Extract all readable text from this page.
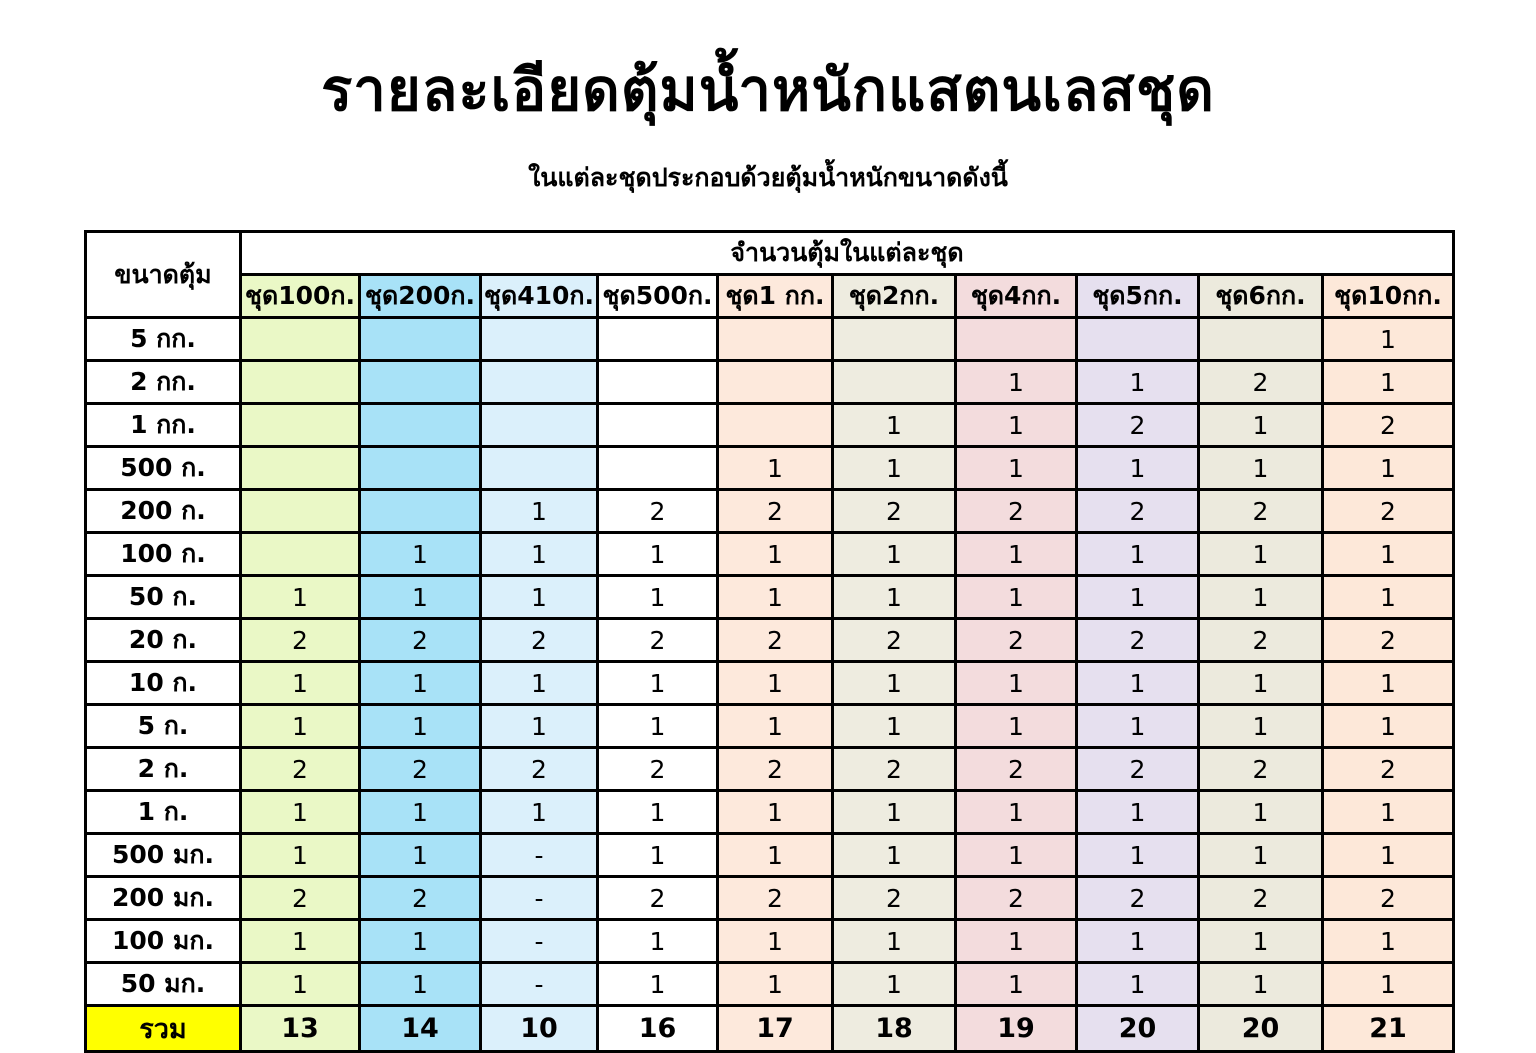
รายละเอียดตุ้มน้ำหนักแสตนเลสชุด
ในแต่ละชุดประกอบด้วยตุ้มน้ำหนักขนาดดังนี้
ขนาดตุ้ม	จำนวนตุ้มในแต่ละชุด									
	ชุด100ก.	ชุด200ก.	ชุด410ก.	ชุด500ก.	ชุด1 กก.	ชุด2กก.	ชุด4กก.	ชุด5กก.	ชุด6กก.	ชุด10กก.
5 กก.										1
2 กก.							1	1	2	1
1 กก.						1	1	2	1	2
500 ก.					1	1	1	1	1	1
200 ก.			1	2	2	2	2	2	2	2
100 ก.		1	1	1	1	1	1	1	1	1
50 ก.	1	1	1	1	1	1	1	1	1	1
20 ก.	2	2	2	2	2	2	2	2	2	2
10 ก.	1	1	1	1	1	1	1	1	1	1
5 ก.	1	1	1	1	1	1	1	1	1	1
2 ก.	2	2	2	2	2	2	2	2	2	2
1 ก.	1	1	1	1	1	1	1	1	1	1
500 มก.	1	1	-	1	1	1	1	1	1	1
200 มก.	2	2	-	2	2	2	2	2	2	2
100 มก.	1	1	-	1	1	1	1	1	1	1
50 มก.	1	1	-	1	1	1	1	1	1	1
รวม	13	14	10	16	17	18	19	20	20	21
